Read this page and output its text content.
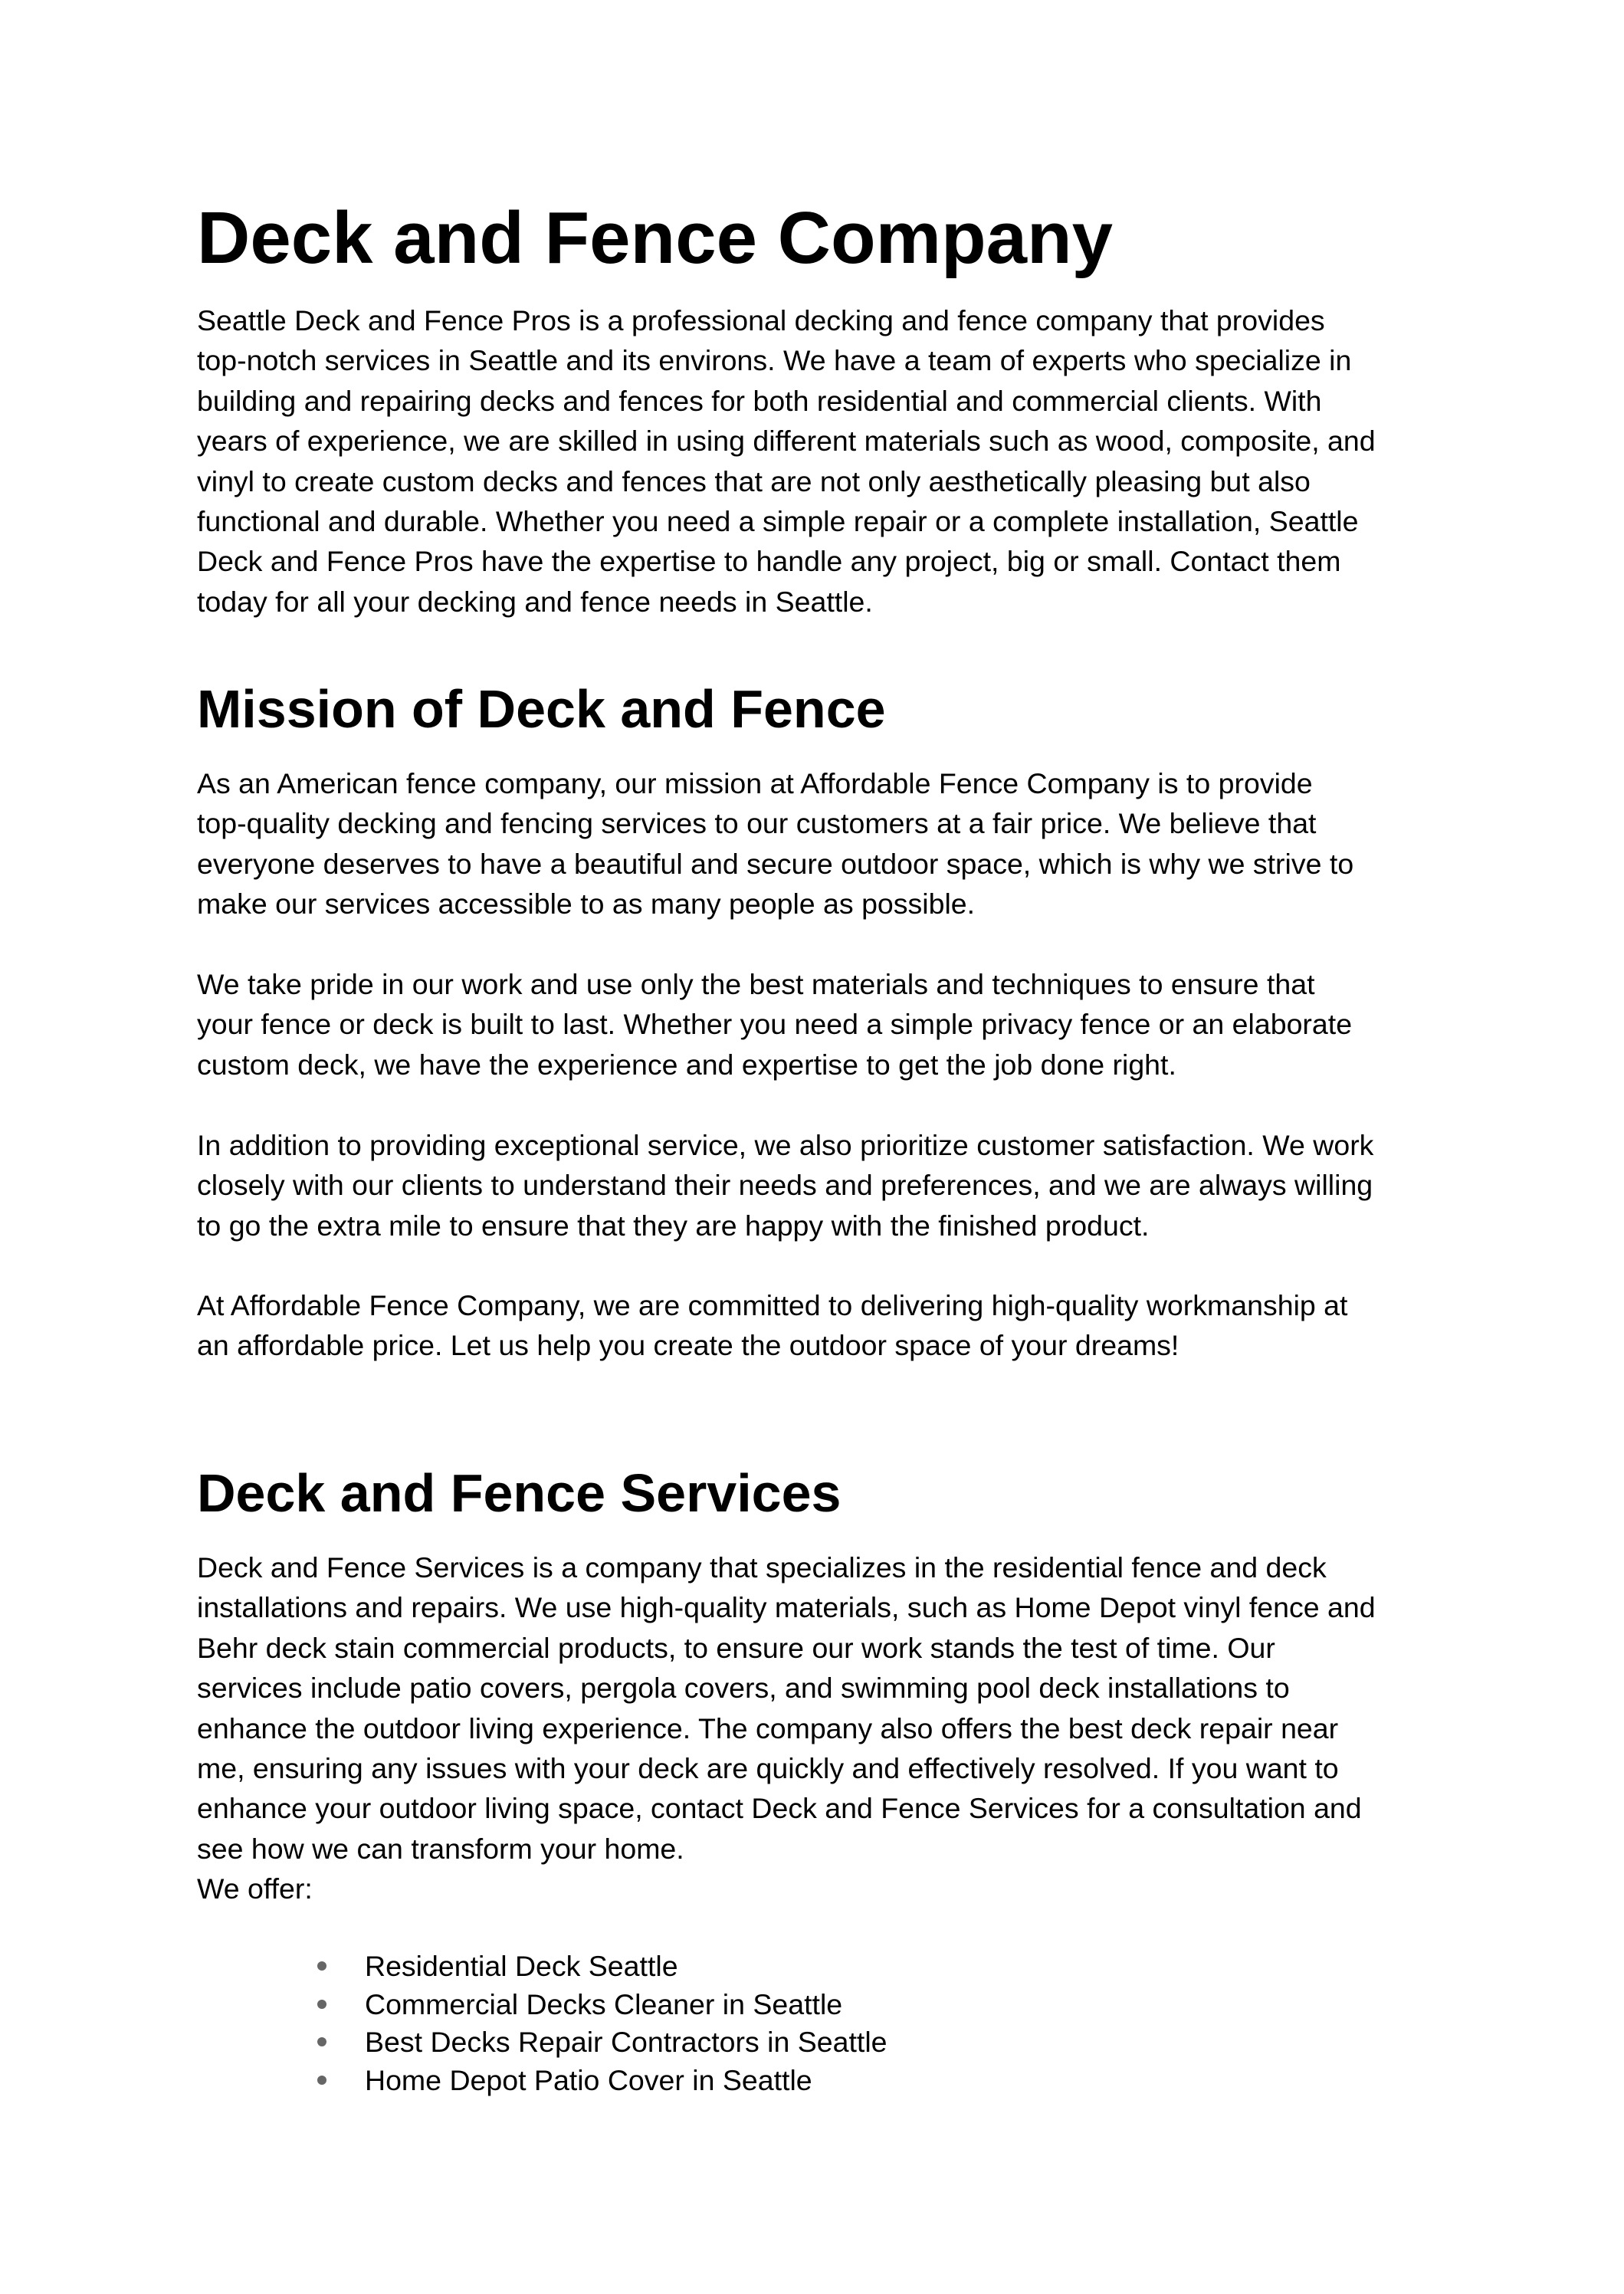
Deck and Fence Company

Seattle Deck and Fence Pros is a professional decking and fence company that provides
top-notch services in Seattle and its environs. We have a team of experts who specialize in
building and repairing decks and fences for both residential and commercial clients. With
years of experience, we are skilled in using different materials such as wood, composite, and
vinyl to create custom decks and fences that are not only aesthetically pleasing but also
functional and durable. Whether you need a simple repair or a complete installation, Seattle
Deck and Fence Pros have the expertise to handle any project, big or small. Contact them
today for all your decking and fence needs in Seattle.

Mission of Deck and Fence

As an American fence company, our mission at Affordable Fence Company is to provide
top-quality decking and fencing services to our customers at a fair price. We believe that
everyone deserves to have a beautiful and secure outdoor space, which is why we strive to
make our services accessible to as many people as possible.

We take pride in our work and use only the best materials and techniques to ensure that
your fence or deck is built to last. Whether you need a simple privacy fence or an elaborate
custom deck, we have the experience and expertise to get the job done right.

In addition to providing exceptional service, we also prioritize customer satisfaction. We work
closely with our clients to understand their needs and preferences, and we are always willing
to go the extra mile to ensure that they are happy with the finished product.

At Affordable Fence Company, we are committed to delivering high-quality workmanship at
an affordable price. Let us help you create the outdoor space of your dreams!

Deck and Fence Services

Deck and Fence Services is a company that specializes in the residential fence and deck
installations and repairs. We use high-quality materials, such as Home Depot vinyl fence and
Behr deck stain commercial products, to ensure our work stands the test of time. Our
services include patio covers, pergola covers, and swimming pool deck installations to
enhance the outdoor living experience. The company also offers the best deck repair near
me, ensuring any issues with your deck are quickly and effectively resolved. If you want to
enhance your outdoor living space, contact Deck and Fence Services for a consultation and
see how we can transform your home.
We offer:

Residential Deck Seattle
Commercial Decks Cleaner in Seattle
Best Decks Repair Contractors in Seattle
Home Depot Patio Cover in Seattle
